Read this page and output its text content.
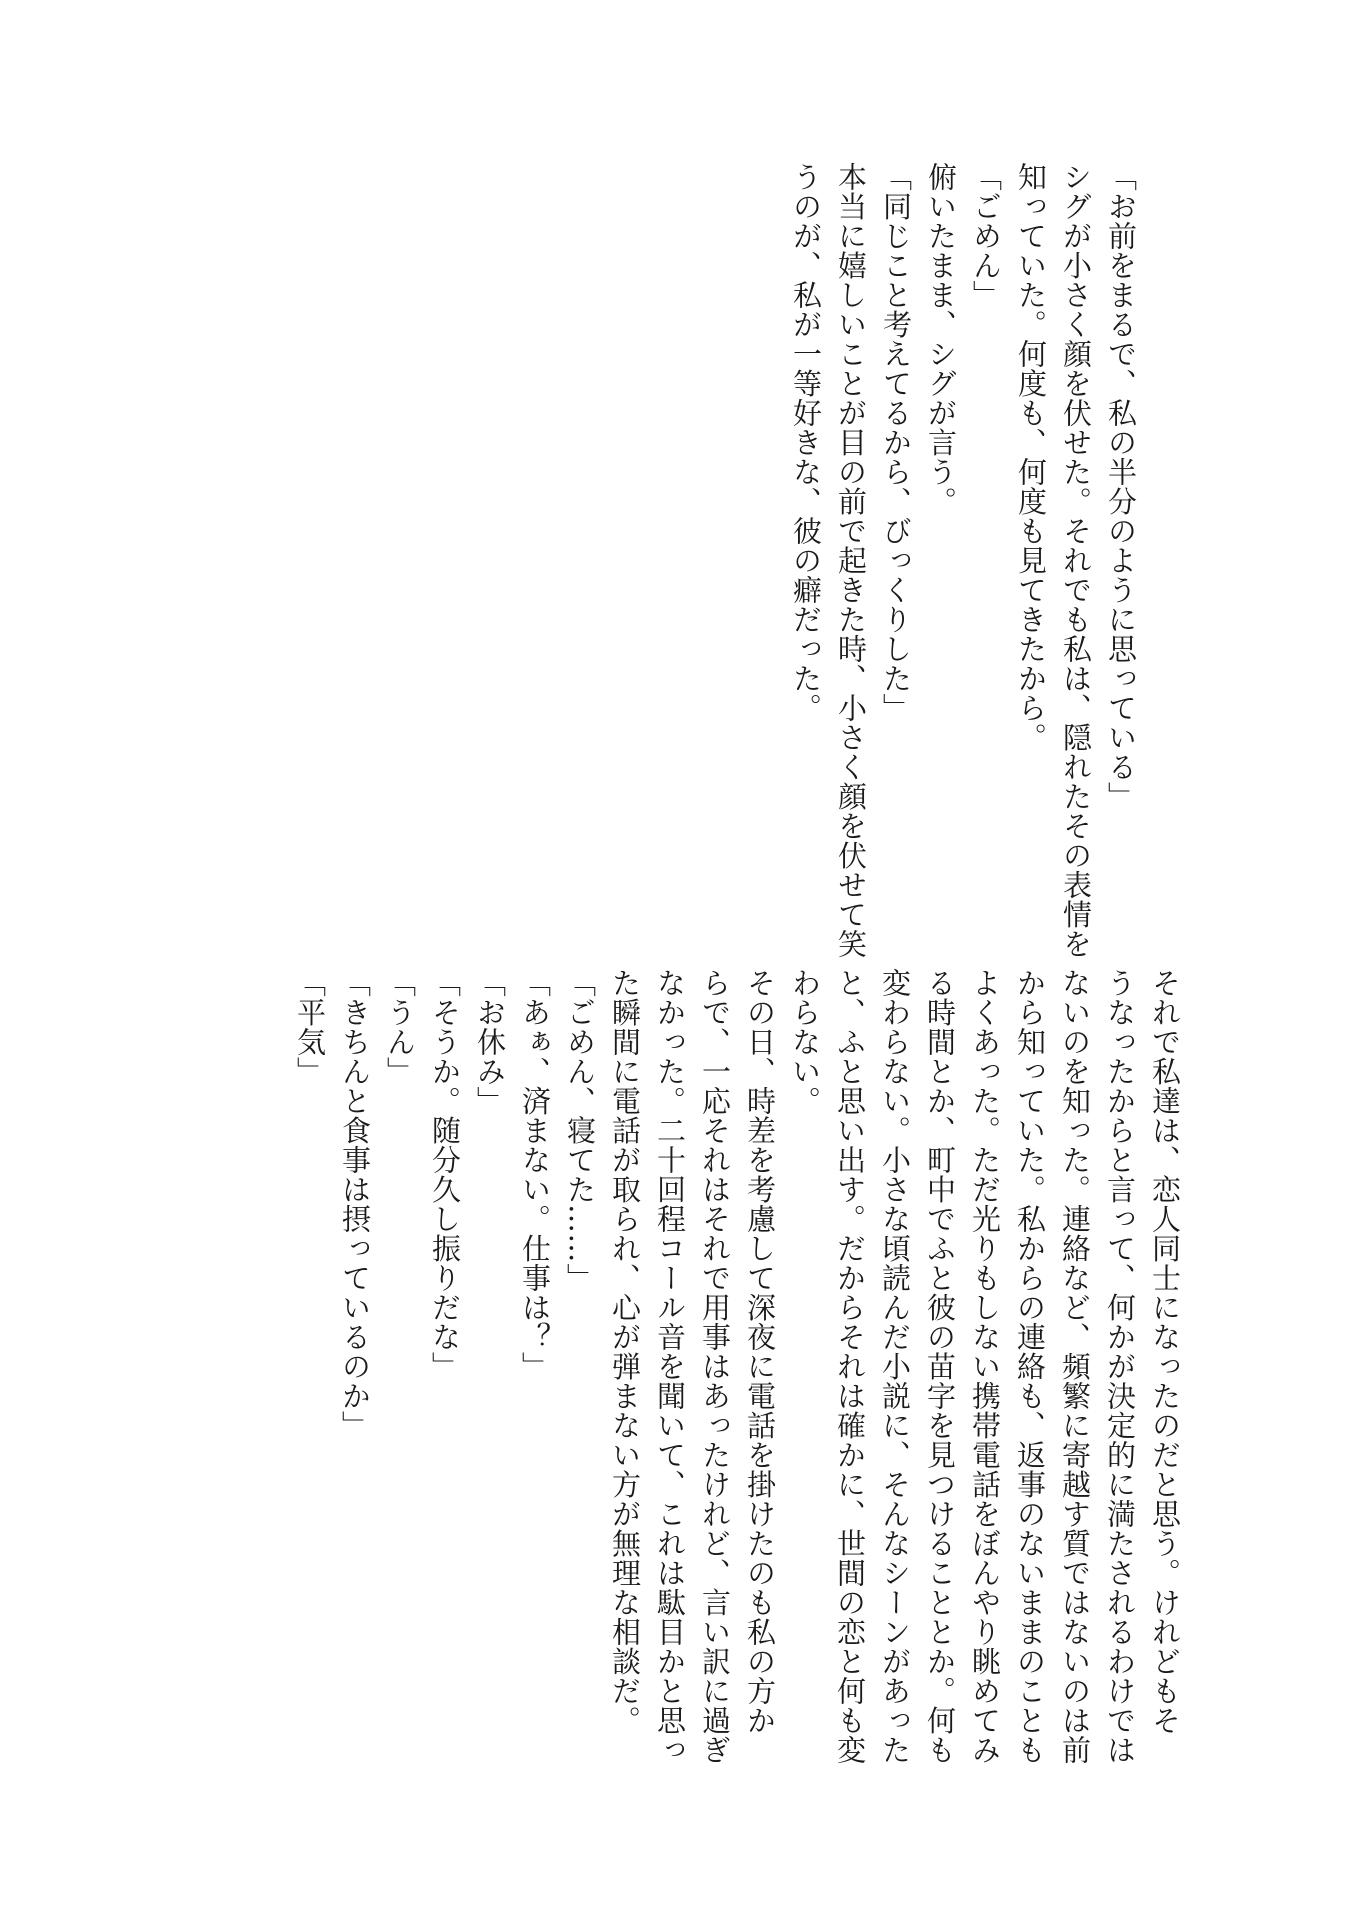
「お前をまるで、私の半分のように思っている」
シグが小さく顔を伏せた。それでも私は、隠れたその表情を
知っていた。何度も、何度も見てきたから。
「ごめん」
俯いたまま、シグが言う。
「同じこと考えてるから、びっくりした」
本当に嬉しいことが目の前で起きた時、小さく顔を伏せて笑
うのが、私が一等好きな、彼の癖だった。
それで私達は、恋人同士になったのだと思う。けれどもそ
うなったからと言って、何かが決定的に満たされるわけでは
ないのを知った。連絡など、頻繁に寄越す質ではないのは前
から知っていた。私からの連絡も、返事のないままのことも
よくあった。ただ光りもしない携帯電話をぼんやり眺めてみ
る時間とか、町中でふと彼の苗字を見つけることとか。何も
変わらない。小さな頃読んだ小説に、そんなシーンがあった
と、ふと思い出す。だからそれは確かに、世間の恋と何も変
わらない。
その日、時差を考慮して深夜に電話を掛けたのも私の方か
らで、一応それはそれで用事はあったけれど、言い訳に過ぎ
なかった。二十回程コール音を聞いて、これは駄目かと思っ
た瞬間に電話が取られ、心が弾まない方が無理な相談だ。
「ごめん、寝てた……」
「あぁ、済まない。仕事は？」
「お休み」
「そうか。随分久し振りだな」
「うん」
「きちんと食事は摂っているのか」
「平気」
